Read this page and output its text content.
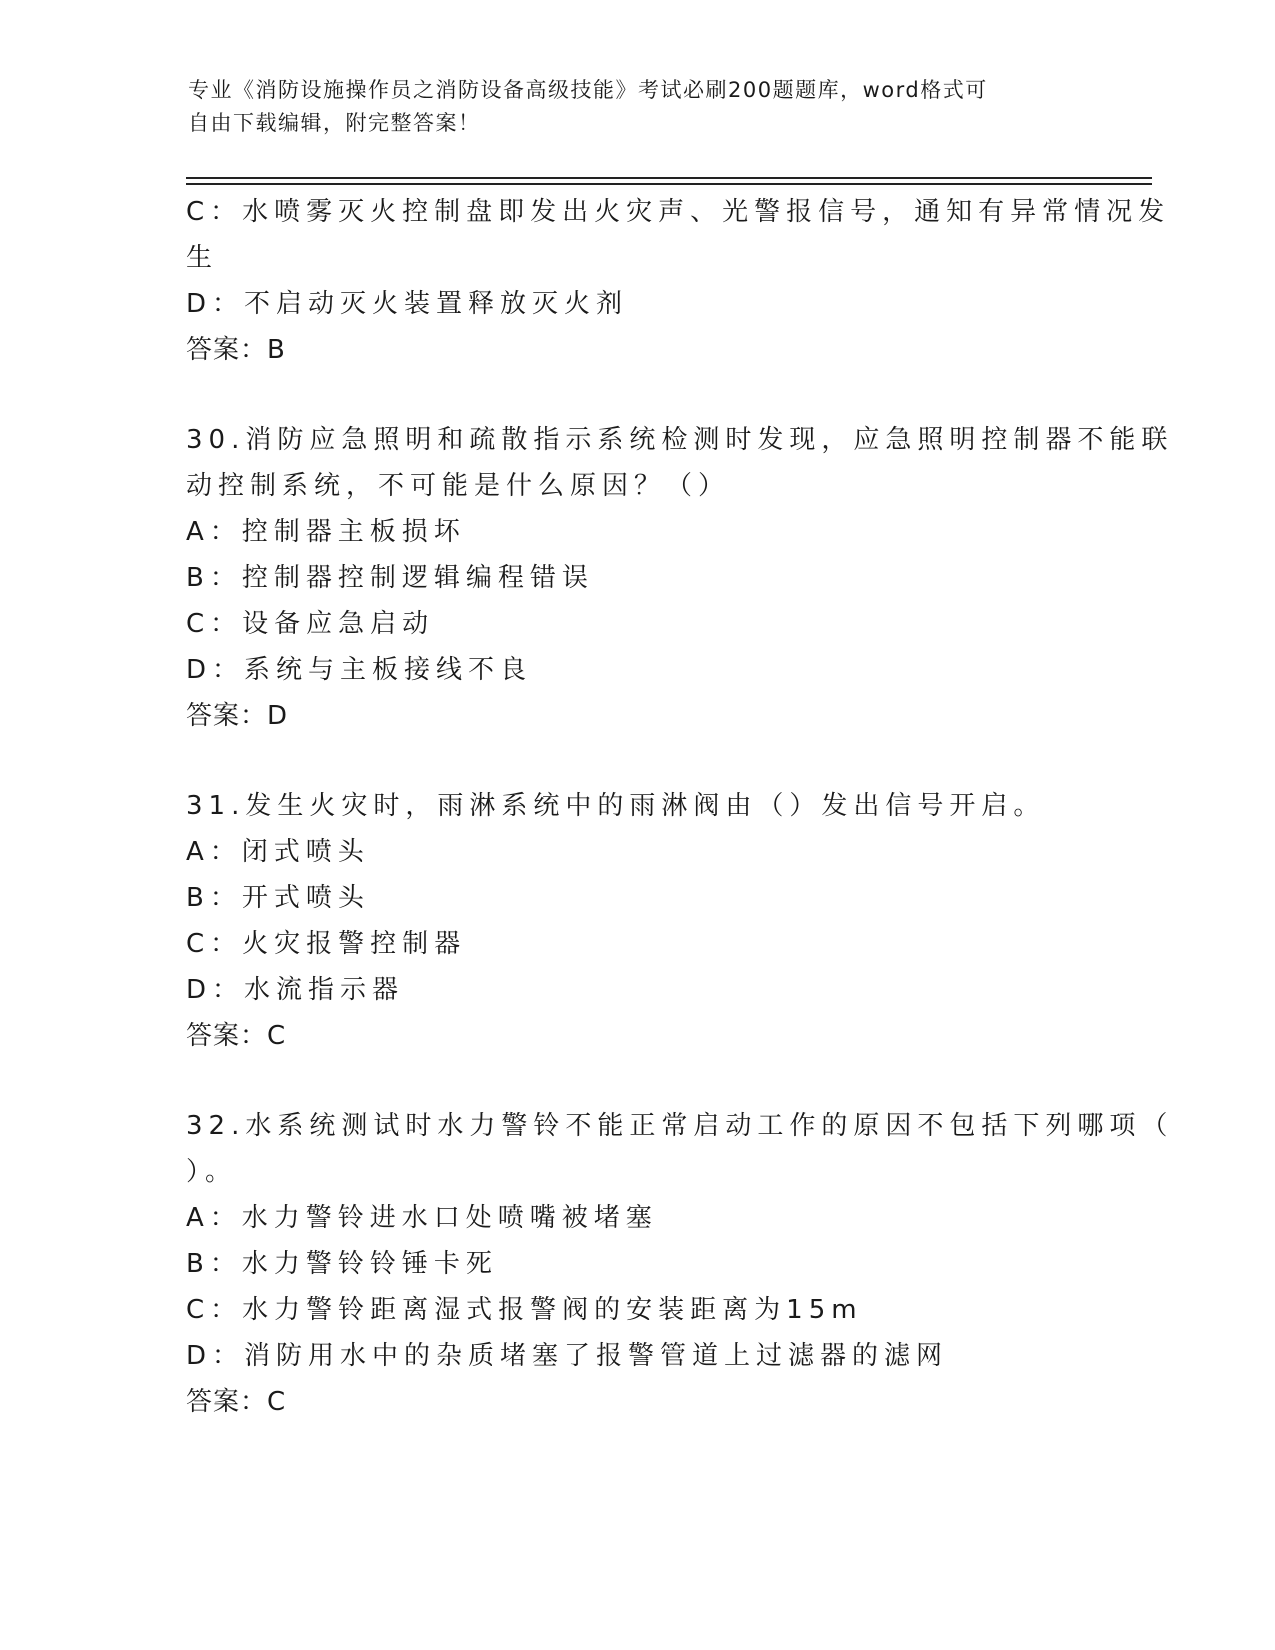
专业《消防设施操作员之消防设备高级技能》考试必刷200题题库，word格式可
自由下载编辑，附完整答案！
C：水喷雾灭火控制盘即发出火灾声、光警报信号，通知有异常情况发
生
D：不启动灭火装置释放灭火剂
答案：B
30.消防应急照明和疏散指示系统检测时发现，应急照明控制器不能联
动控制系统，不可能是什么原因？（）
A：控制器主板损坏
B：控制器控制逻辑编程错误
C：设备应急启动
D：系统与主板接线不良
答案：D
31.发生火灾时，雨淋系统中的雨淋阀由（）发出信号开启。
A：闭式喷头
B：开式喷头
C：火灾报警控制器
D：水流指示器
答案：C
32.水系统测试时水力警铃不能正常启动工作的原因不包括下列哪项（
）。
A：水力警铃进水口处喷嘴被堵塞
B：水力警铃铃锤卡死
C：水力警铃距离湿式报警阀的安装距离为15m
D：消防用水中的杂质堵塞了报警管道上过滤器的滤网
答案：C
